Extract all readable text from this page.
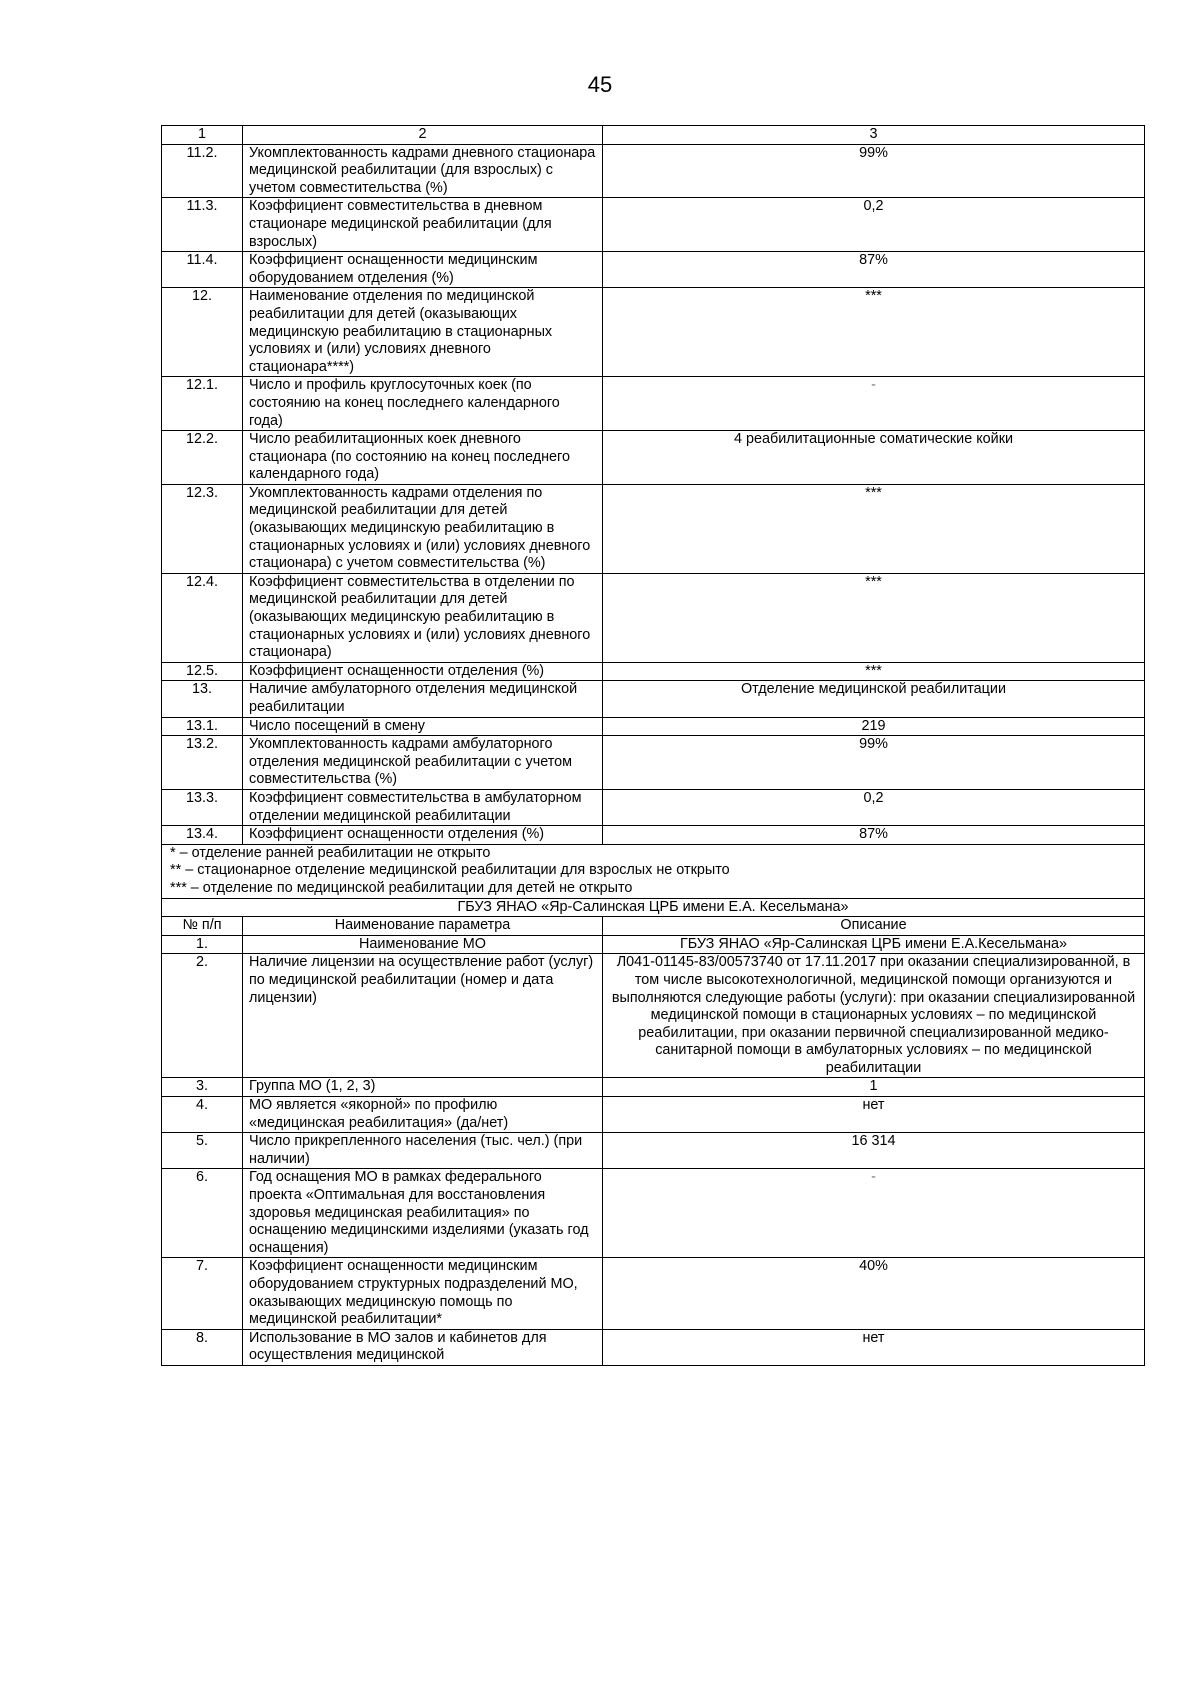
45
1	2	3
11.2.	Укомплектованность кадрами дневного стационара медицинской реабилитации (для взрослых) с учетом совместительства (%)	99%
11.3.	Коэффициент совместительства в дневном стационаре медицинской реабилитации (для взрослых)	0,2
11.4.	Коэффициент оснащенности медицинским оборудованием отделения (%)	87%
12.	Наименование отделения по медицинской реабилитации для детей (оказывающих медицинскую реабилитацию в стационарных условиях и (или) условиях дневного стационара****)	***
12.1.	Число и профиль круглосуточных коек (по состоянию на конец последнего календарного года)	-
12.2.	Число реабилитационных коек дневного стационара (по состоянию на конец последнего календарного года)	4 реабилитационные соматические койки
12.3.	Укомплектованность кадрами отделения по медицинской реабилитации для детей (оказывающих медицинскую реабилитацию в стационарных условиях и (или) условиях дневного стационара) с учетом совместительства (%)	***
12.4.	Коэффициент совместительства в отделении по медицинской реабилитации для детей (оказывающих медицинскую реабилитацию в стационарных условиях и (или) условиях дневного стационара)	***
12.5.	Коэффициент оснащенности отделения (%)	***
13.	Наличие амбулаторного отделения медицинской реабилитации	Отделение медицинской реабилитации
13.1.	Число посещений в смену	219
13.2.	Укомплектованность кадрами амбулаторного отделения медицинской реабилитации с учетом совместительства (%)	99%
13.3.	Коэффициент совместительства в амбулаторном отделении медицинской реабилитации	0,2
13.4.	Коэффициент оснащенности отделения (%)	87%
* – отделение ранней реабилитации не открыто		
** – стационарное отделение медицинской реабилитации для взрослых не открыто		
*** – отделение по медицинской реабилитации для детей не открыто		
ГБУЗ ЯНАО «Яр-Салинская ЦРБ имени Е.А. Кесельмана»		
№ п/п	Наименование параметра	Описание
1.	Наименование МО	ГБУЗ ЯНАО «Яр-Салинская ЦРБ имени Е.А.Кесельмана»
2.	Наличие лицензии на осуществление работ (услуг) по медицинской реабилитации (номер и дата лицензии)	Л041-01145-83/00573740 от 17.11.2017 при оказании специализированной, в том числе высокотехнологичной, медицинской помощи организуются и выполняются следующие работы (услуги): при оказании специализированной медицинской помощи в стационарных условиях – по медицинской реабилитации, при оказании первичной специализированной медико-санитарной помощи в амбулаторных условиях – по медицинской реабилитации
3.	Группа МО (1, 2, 3)	1
4.	МО является «якорной» по профилю «медицинская реабилитация» (да/нет)	нет
5.	Число прикрепленного населения (тыс. чел.) (при наличии)	16 314
6.	Год оснащения МО в рамках федерального проекта «Оптимальная для восстановления здоровья медицинская реабилитация» по оснащению медицинскими изделиями (указать год оснащения)	-
7.	Коэффициент оснащенности медицинским оборудованием структурных подразделений МО, оказывающих медицинскую помощь по медицинской реабилитации*	40%
8.	Использование в МО залов и кабинетов для осуществления медицинской	нет
